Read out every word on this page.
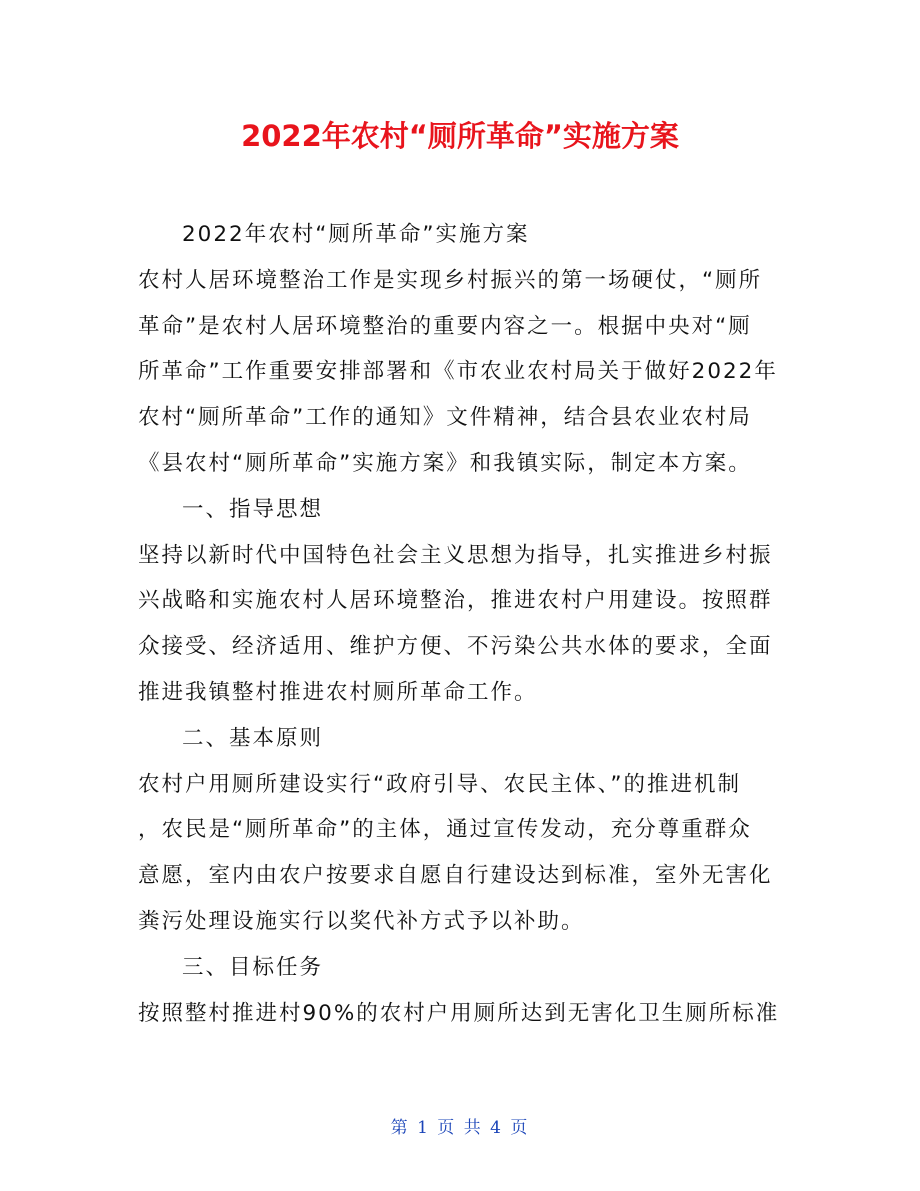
2022年农村“厕所革命”实施方案
2022年农村“厕所革命”实施方案
农村人居环境整治工作是实现乡村振兴的第一场硬仗，“厕所
革命”是农村人居环境整治的重要内容之一。根据中央对“厕
所革命”工作重要安排部署和《市农业农村局关于做好2022年
农村“厕所革命”工作的通知》文件精神，结合县农业农村局
《县农村“厕所革命”实施方案》和我镇实际，制定本方案。
一、指导思想
坚持以新时代中国特色社会主义思想为指导，扎实推进乡村振
兴战略和实施农村人居环境整治，推进农村户用建设。按照群
众接受、经济适用、维护方便、不污染公共水体的要求，全面
推进我镇整村推进农村厕所革命工作。
二、基本原则
农村户用厕所建设实行“政府引导、农民主体、”的推进机制
，农民是“厕所革命”的主体，通过宣传发动，充分尊重群众
意愿，室内由农户按要求自愿自行建设达到标准，室外无害化
粪污处理设施实行以奖代补方式予以补助。
三、目标任务
按照整村推进村90%的农村户用厕所达到无害化卫生厕所标准
第 1 页 共 4 页
